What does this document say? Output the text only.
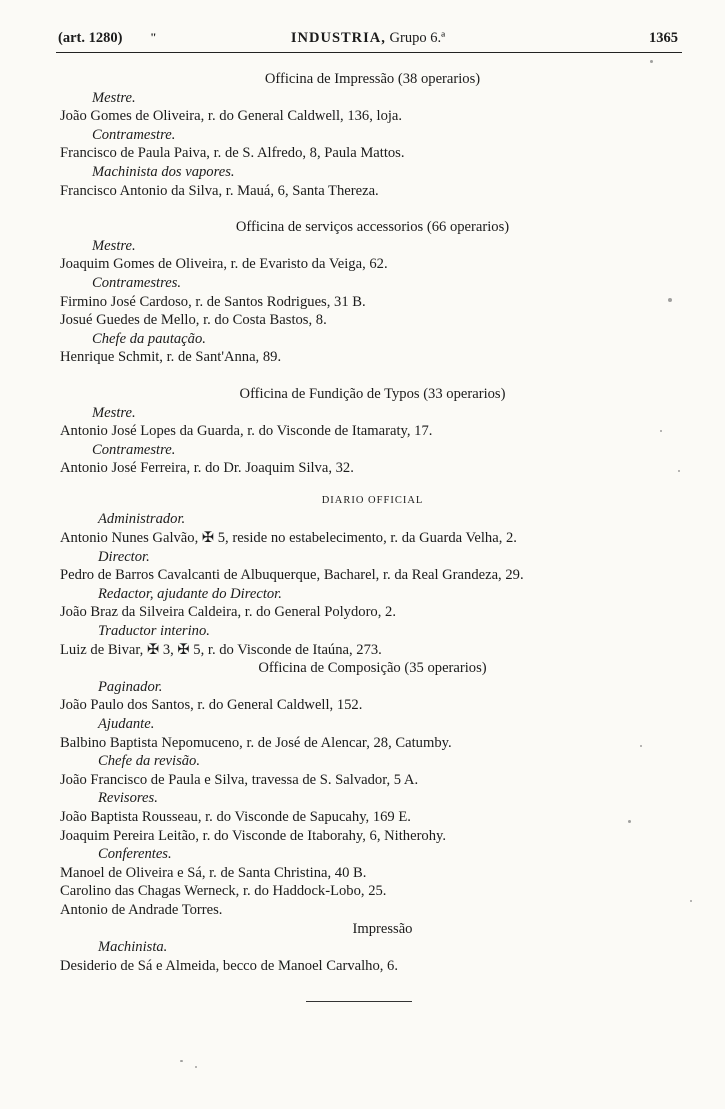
(art. 1280) "	INDUSTRIA, Grupo 6.ª	1365
Officina de Impressão (38 operarios)
Mestre.
João Gomes de Oliveira, r. do General Caldwell, 136, loja.
Contramestre.
Francisco de Paula Paiva, r. de S. Alfredo, 8, Paula Mattos.
Machinista dos vapores.
Francisco Antonio da Silva, r. Mauá, 6, Santa Thereza.
Officina de serviços accessorios (66 operarios)
Mestre.
Joaquim Gomes de Oliveira, r. de Evaristo da Veiga, 62.
Contramestres.
Firmino José Cardoso, r. de Santos Rodrigues, 31 B.
Josué Guedes de Mello, r. do Costa Bastos, 8.
Chefe da pautação.
Henrique Schmit, r. de Sant'Anna, 89.
Officina de Fundição de Typos (33 operarios)
Mestre.
Antonio José Lopes da Guarda, r. do Visconde de Itamaraty, 17.
Contramestre.
Antonio José Ferreira, r. do Dr. Joaquim Silva, 32.
DIARIO OFFICIAL
Administrador.
Antonio Nunes Galvão, ✠ 5, reside no estabelecimento, r. da Guarda Velha, 2.
Director.
Pedro de Barros Cavalcanti de Albuquerque, Bacharel, r. da Real Grandeza, 29.
Redactor, ajudante do Director.
João Braz da Silveira Caldeira, r. do General Polydoro, 2.
Traductor interino.
Luiz de Bivar, ✠ 3, ✠ 5, r. do Visconde de Itaúna, 273.
Officina de Composição (35 operarios)
Paginador.
João Paulo dos Santos, r. do General Caldwell, 152.
Ajudante.
Balbino Baptista Nepomuceno, r. de José de Alencar, 28, Catumby.
Chefe da revisão.
João Francisco de Paula e Silva, travessa de S. Salvador, 5 A.
Revisores.
João Baptista Rousseau, r. do Visconde de Sapucahy, 169 E.
Joaquim Pereira Leitão, r. do Visconde de Itaborahy, 6, Nitherohy.
Conferentes.
Manoel de Oliveira e Sá, r. de Santa Christina, 40 B.
Carolino das Chagas Werneck, r. do Haddock-Lobo, 25.
Antonio de Andrade Torres.
Impressão
Machinista.
Desiderio de Sá e Almeida, becco de Manoel Carvalho, 6.
